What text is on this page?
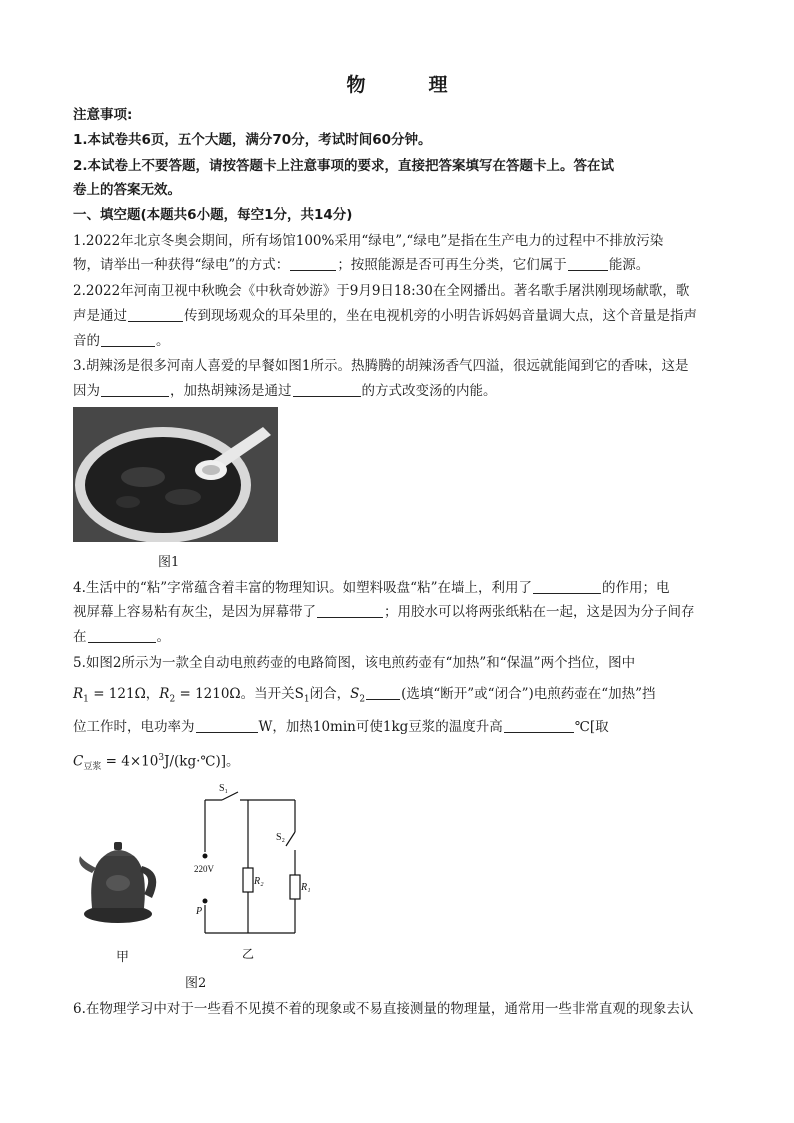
物　理
注意事项:
1.本试卷共6页，五个大题，满分70分，考试时间60分钟。
2.本试卷上不要答题，请按答题卡上注意事项的要求，直接把答案填写在答题卡上。答在试
卷上的答案无效。
一、填空题(本题共6小题，每空1分，共14分)
1.2022年北京冬奥会期间，所有场馆100%采用“绿电”,“绿电”是指在生产电力的过程中不排放污染
物，请举出一种获得“绿电”的方式：	；按照能源是否可再生分类，它们属于	能源。
2.2022年河南卫视中秋晚会《中秋奇妙游》于9月9日18:30在全网播出。著名歌手屠洪刚现场献歌，歌
声是通过	传到现场观众的耳朵里的，坐在电视机旁的小明告诉妈妈音量调大点，这个音量是指声
音的	。
3.胡辣汤是很多河南人喜爱的早餐如图1所示。热腾腾的胡辣汤香气四溢，很远就能闻到它的香味，这是
因为	，加热胡辣汤是通过	的方式改变汤的内能。
图1
4.生活中的“粘”字常蕴含着丰富的物理知识。如塑料吸盘“粘”在墙上，利用了	的作用；电
视屏幕上容易粘有灰尘，是因为屏幕带了	；用胶水可以将两张纸粘在一起，这是因为分子间存
在	。
5.如图2所示为一款全自动电煎药壶的电路简图，该电煎药壶有“加热”和“保温”两个挡位，图中
$R_1 = 121\Omega$，$R_2 = 1210\Omega$。当开关$S_1$闭合，$S_2$	(选填“断开”或“闭合”)电煎药壶在“加热”挡
位工作时，电功率为	W，加热10min可使1kg豆浆的温度升高	℃[取
$C_{豆浆}$ = $4\times 10^3J/(kg\cdot℃)$]。
甲
S₁
S₂
220V
P
R₂
R₁
乙
图2
6.在物理学习中对于一些看不见摸不着的现象或不易直接测量的物理量，通常用一些非常直观的现象去认
